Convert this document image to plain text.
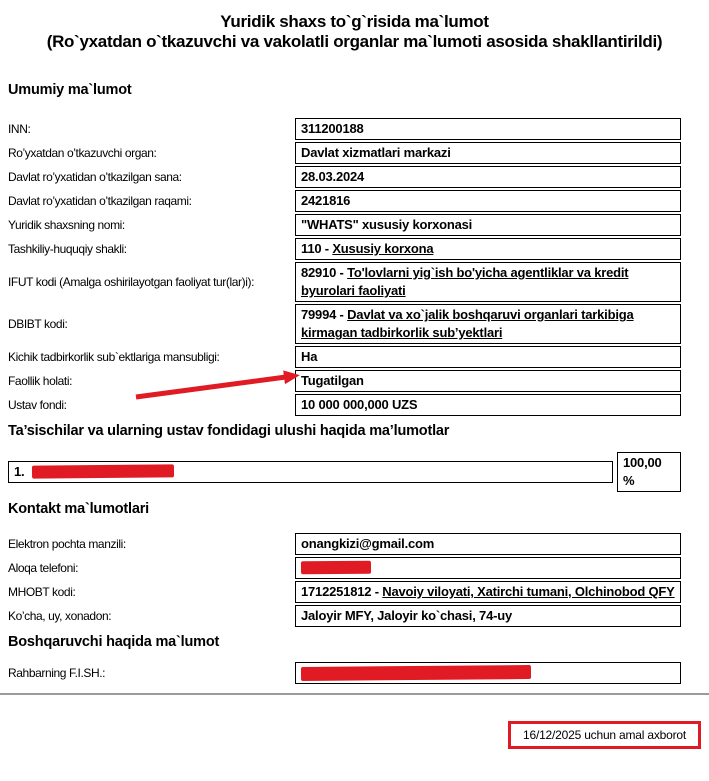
Yuridik shaxs to`g`risida ma`lumot
(Ro`yxatdan o`tkazuvchi va vakolatli organlar ma`lumoti asosida shakllantirildi)
Umumiy ma`lumot
INN:	311200188
Ro’yxatdan o’tkazuvchi organ:	Davlat xizmatlari markazi
Davlat ro’yxatidan o’tkazilgan sana:	28.03.2024
Davlat ro’yxatidan o’tkazilgan raqami:	2421816
Yuridik shaxsning nomi:	"WHATS" xususiy korxonasi
Tashkiliy-huquqiy shakli:	110 - Xususiy korxona
IFUT kodi (Amalga oshirilayotgan faoliyat tur(lar)i):
82910 - To'lovlarni yig`ish bo'yicha agentliklar va kredit byurolari faoliyati
DBIBT kodi:
79994 - Davlat va xo`jalik boshqaruvi organlari tarkibiga kirmagan tadbirkorlik sub’yektlari
Kichik tadbirkorlik sub`ektlariga mansubligi:	Ha
Faollik holati:	Tugatilgan
Ustav fondi:	10 000 000,000 UZS
Ta’sischilar va ularning ustav fondidagi ulushi haqida ma’lumotlar
1.
100,00 %
Kontakt ma`lumotlari
Elektron pochta manzili:	onangkizi@gmail.com
Aloqa telefoni:
MHOBT kodi:	1712251812 - Navoiy viloyati, Xatirchi tumani, Olchinobod QFY
Ko’cha, uy, xonadon:	Jaloyir MFY, Jaloyir ko`chasi, 74-uy
Boshqaruvchi haqida ma`lumot
Rahbarning F.I.SH.:
16/12/2025 uchun amal axborot
